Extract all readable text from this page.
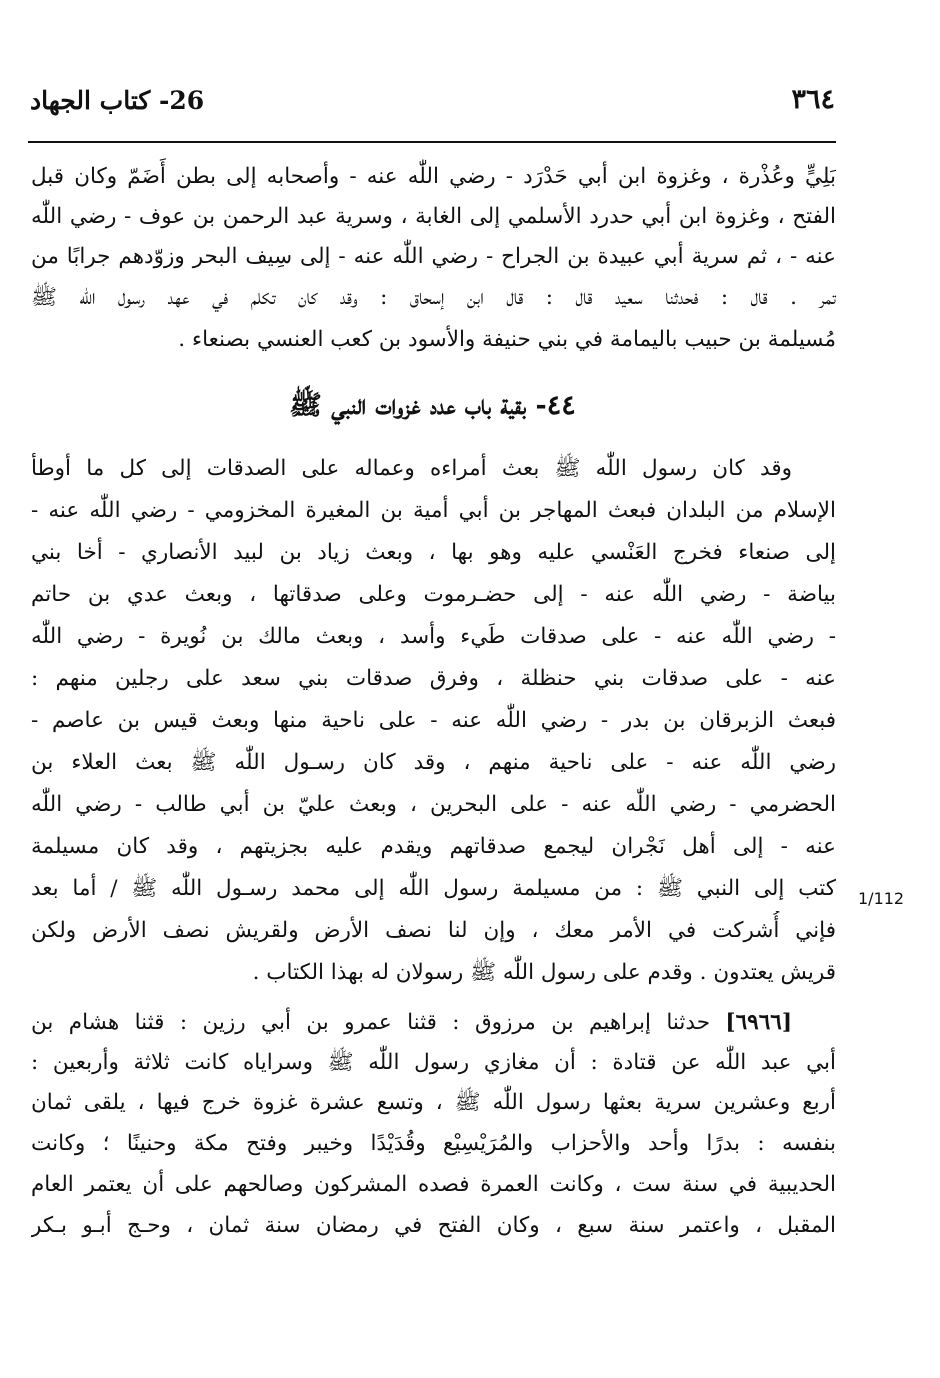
26- كتاب الجهاد	٣٦٤
بَلِيٍّ وعُذْرة ، وغزوة ابن أبي حَدْرَد - رضي اللّٰه عنه - وأصحابه إلى بطن أَضَمّ وكان قبل
الفتح ، وغزوة ابن أبي حدرد الأسلمي إلى الغابة ، وسرية عبد الرحمن بن عوف - رضي اللّٰه
عنه - ، ثم سرية أبي عبيدة بن الجراح - رضي اللّٰه عنه - إلى سِيف البحر وزوّدهم جرابًا من
تمر . قال : فحدثنا سعيد قال : قال ابن إسحاق : وقد كان تكلم في عهد رسول اللّٰه ﷺ
مُسيلمة بن حبيب باليمامة في بني حنيفة والأسود بن كعب العنسي بصنعاء .
٤٤- بقية باب عدد غزوات النبي ﷺ
وقد كان رسول اللّٰه ﷺ بعث أمراءه وعماله على الصدقات إلى كل ما أوطأ
الإسلام من البلدان فبعث المهاجر بن أبي أمية بن المغيرة المخزومي - رضي اللّٰه عنه -
إلى صنعاء فخرج العَنْسي عليه وهو بها ، وبعث زياد بن لبيد الأنصاري - أخا بني
بياضة - رضي اللّٰه عنه - إلى حضـرموت وعلى صدقاتها ، وبعث عدي بن حاتم
- رضي اللّٰه عنه - على صدقات طَيء وأسد ، وبعث مالك بن نُويرة - رضي اللّٰه
عنه - على صدقات بني حنظلة ، وفرق صدقات بني سعد على رجلين منهم :
فبعث الزبرقان بن بدر - رضي اللّٰه عنه - على ناحية منها وبعث قيس بن عاصم -
رضي اللّٰه عنه - على ناحية منهم ، وقد كان رسـول اللّٰه ﷺ بعث العلاء بن
الحضرمي - رضي اللّٰه عنه - على البحرين ، وبعث عليّ بن أبي طالب - رضي اللّٰه
عنه - إلى أهل نَجْران ليجمع صدقاتهم ويقدم عليه بجزيتهم ، وقد كان مسيلمة
كتب إلى النبي ﷺ : من مسيلمة رسول اللّٰه إلى محمد رسـول اللّٰه ﷺ / أما بعد
فإني أُشركت في الأمر معك ، وإن لنا نصف الأرض ولقريش نصف الأرض ولكن
قريش يعتدون . وقدم على رسول اللّٰه ﷺ رسولان له بهذا الكتاب .
1/112
[٦٩٦٦] حدثنا إبراهيم بن مرزوق : قثنا عمرو بن أبي رزين : قثنا هشام بن
أبي عبد اللّٰه عن قتادة : أن مغازي رسول اللّٰه ﷺ وسراياه كانت ثلاثة وأربعين :
أربع وعشرين سرية بعثها رسول اللّٰه ﷺ ، وتسع عشرة غزوة خرج فيها ، يلقى ثمان
بنفسه : بدرًا وأحد والأحزاب والمُرَيْسِيْع وقُدَيْدًا وخيبر وفتح مكة وحنينًا ؛ وكانت
الحديبية في سنة ست ، وكانت العمرة فصده المشركون وصالحهم على أن يعتمر العام
المقبل ، واعتمر سنة سبع ، وكان الفتح في رمضان سنة ثمان ، وحـج أبـو بـكر
